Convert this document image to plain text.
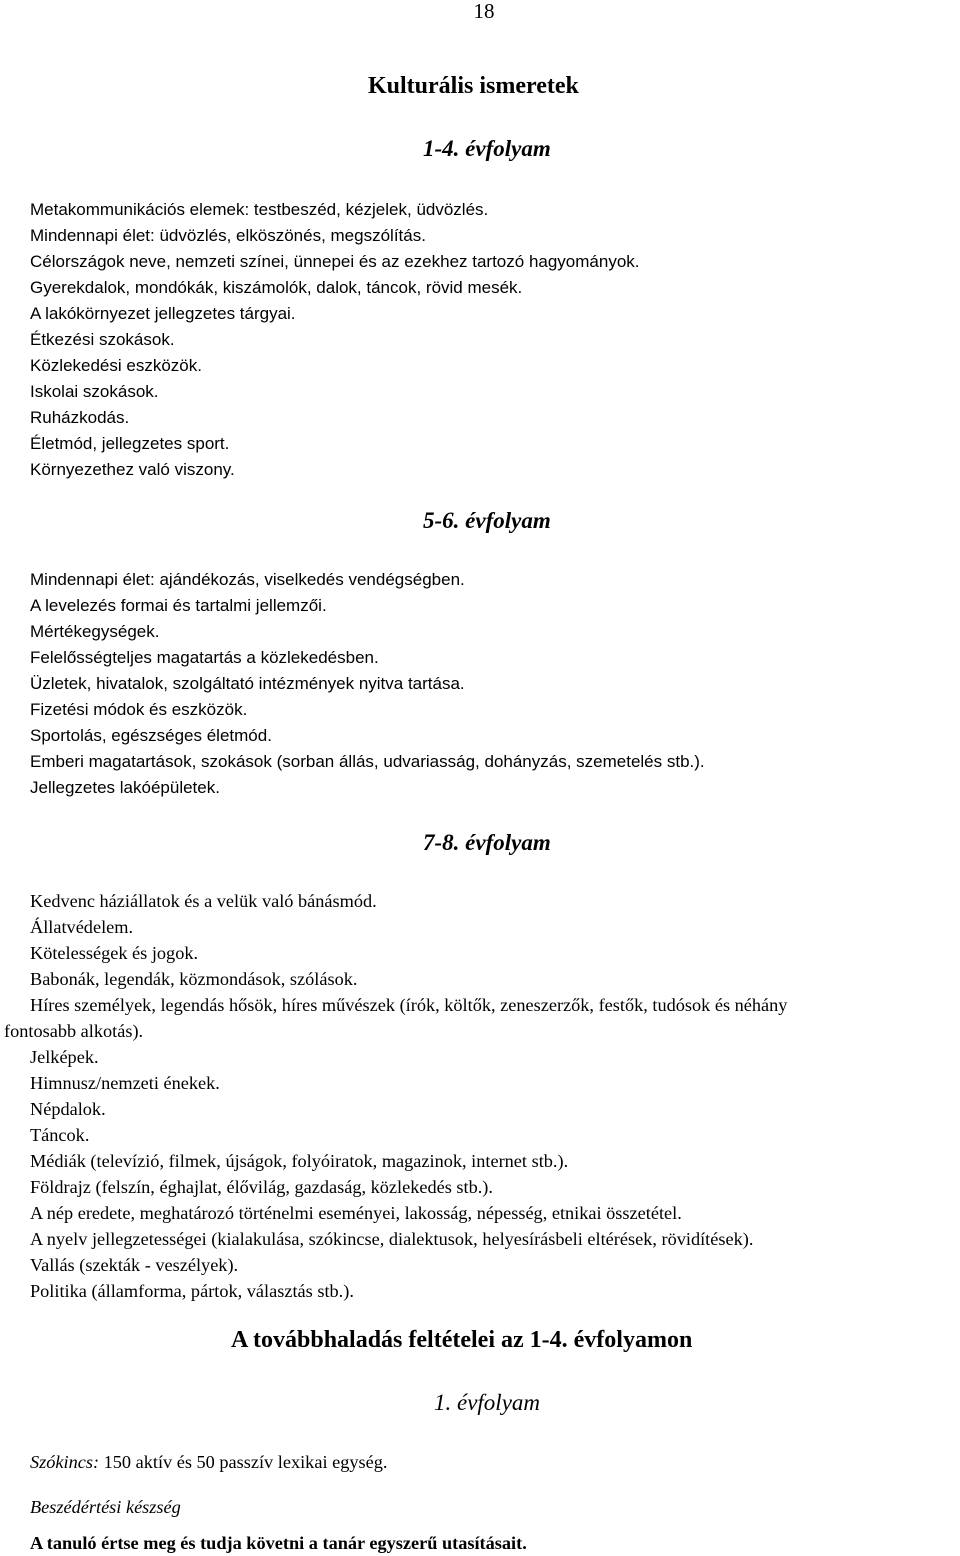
18
Kulturális ismeretek
1-4. évfolyam
Metakommunikációs elemek: testbeszéd, kézjelek, üdvözlés.
Mindennapi élet: üdvözlés, elköszönés, megszólítás.
Célországok neve, nemzeti színei, ünnepei és az ezekhez tartozó hagyományok.
Gyerekdalok, mondókák, kiszámolók, dalok, táncok, rövid mesék.
A lakókörnyezet jellegzetes tárgyai.
Étkezési szokások.
Közlekedési eszközök.
Iskolai szokások.
Ruházkodás.
Életmód, jellegzetes sport.
Környezethez való viszony.
5-6. évfolyam
Mindennapi élet: ajándékozás, viselkedés vendégségben.
A levelezés formai és tartalmi jellemzői.
Mértékegységek.
Felelősségteljes magatartás a közlekedésben.
Üzletek, hivatalok, szolgáltató intézmények nyitva tartása.
Fizetési módok és eszközök.
Sportolás, egészséges életmód.
Emberi magatartások, szokások (sorban állás, udvariasság, dohányzás, szemetelés stb.).
Jellegzetes lakóépületek.
7-8. évfolyam
Kedvenc háziállatok és a velük való bánásmód.
Állatvédelem.
Kötelességek és jogok.
Babonák, legendák, közmondások, szólások.
Híres személyek, legendás hősök, híres művészek (írók, költők, zeneszerzők, festők, tudósok és néhány
fontosabb alkotás).
Jelképek.
Himnusz/nemzeti énekek.
Népdalok.
Táncok.
Médiák (televízió, filmek, újságok, folyóiratok, magazinok, internet stb.).
Földrajz (felszín, éghajlat, élővilág, gazdaság, közlekedés stb.).
A nép eredete, meghatározó történelmi eseményei, lakosság, népesség, etnikai összetétel.
A nyelv jellegzetességei (kialakulása, szókincse, dialektusok, helyesírásbeli eltérések, rövidítések).
Vallás (szekták - veszélyek).
Politika (államforma, pártok, választás stb.).
A továbbhaladás feltételei az 1-4. évfolyamon
1. évfolyam
Szókincs: 150 aktív és 50 passzív lexikai egység.
Beszédértési készség
A tanuló értse meg és tudja követni a tanár egyszerű utasításait.
